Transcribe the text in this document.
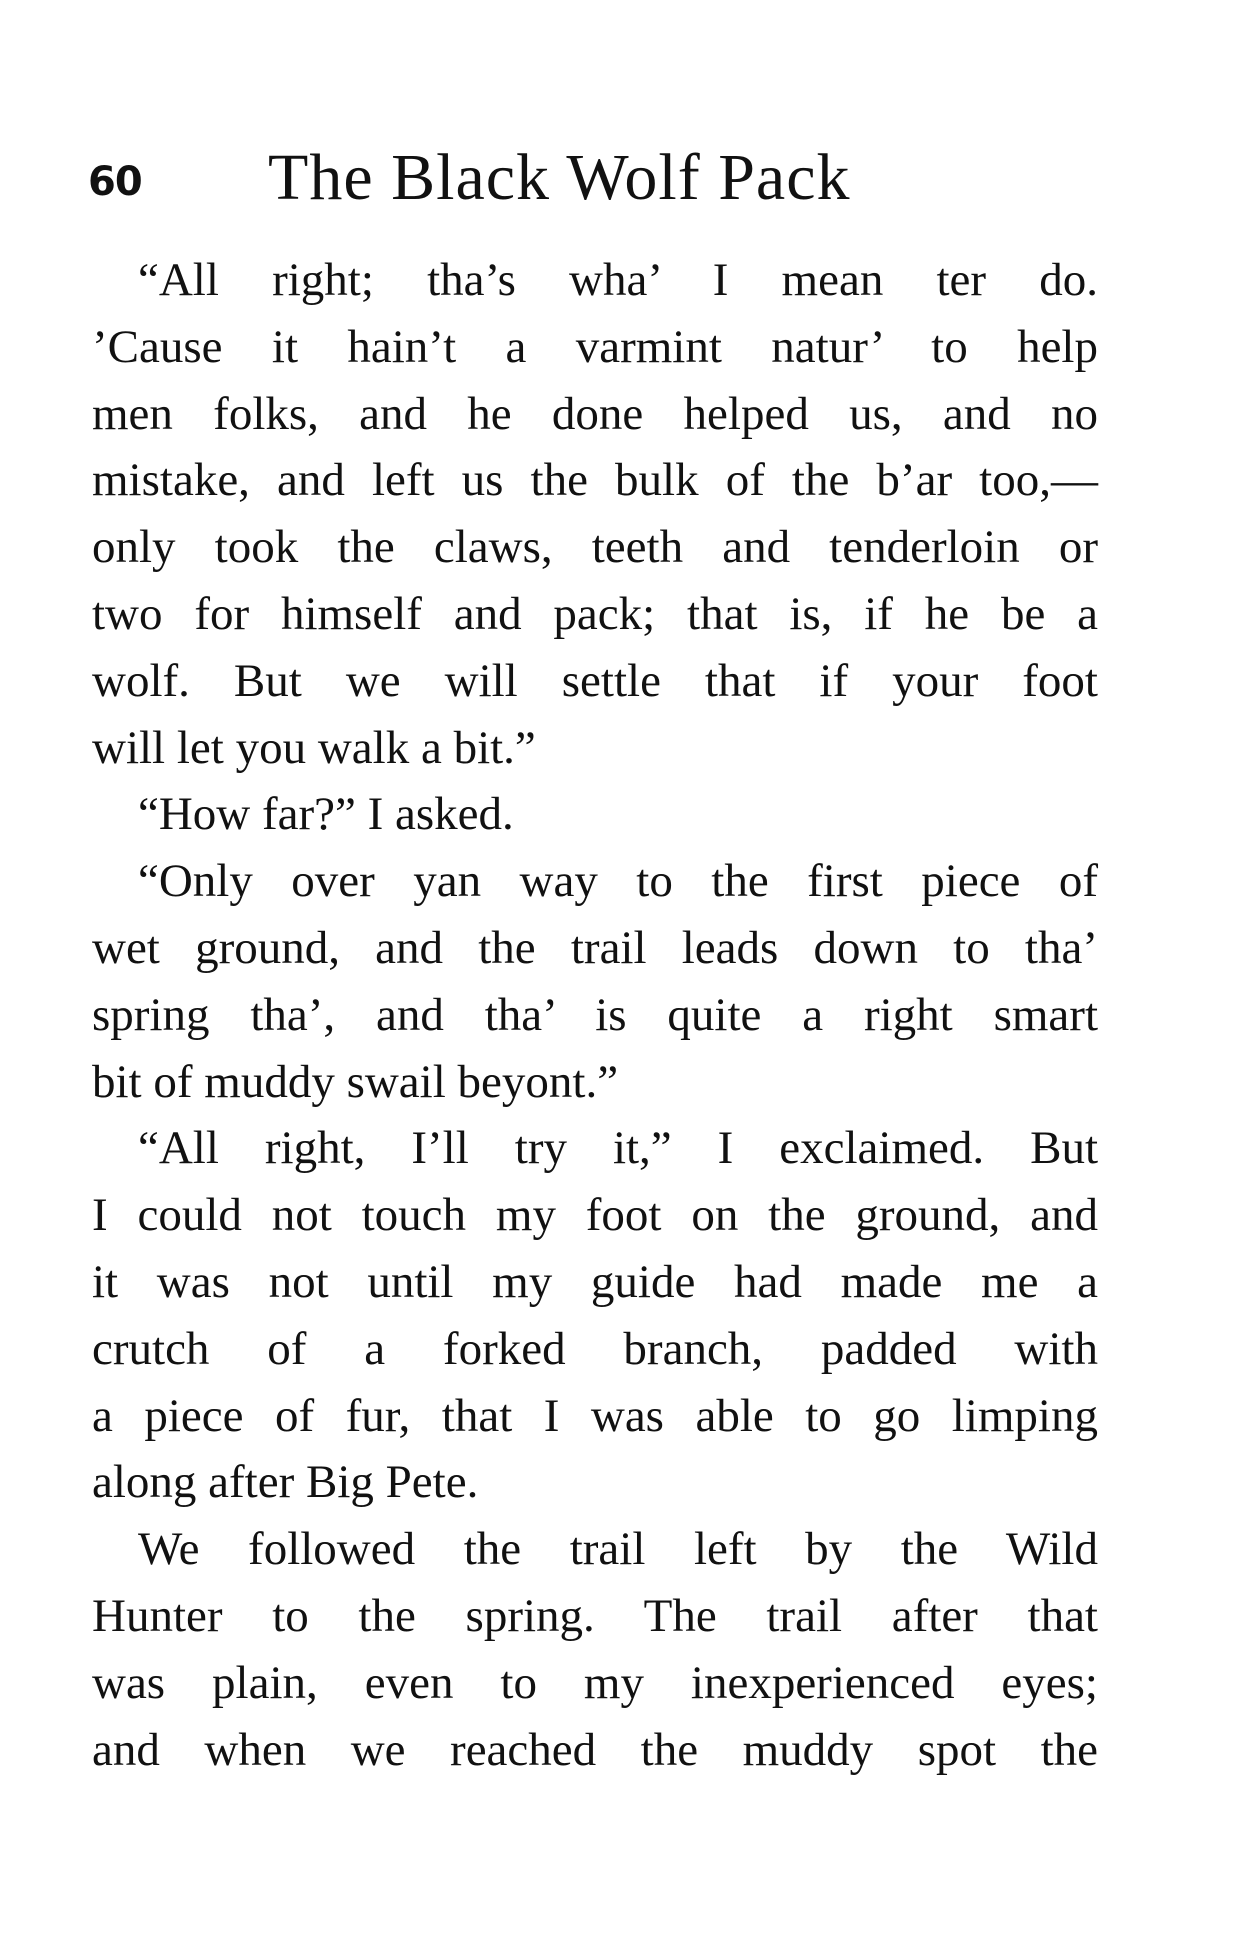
60 The Black Wolf Pack
“All right; tha’s wha’ I mean ter do.
’Cause it hain’t a varmint natur’ to help
men folks, and he done helped us, and no
mistake, and left us the bulk of the b’ar too,—
only took the claws, teeth and tenderloin or
two for himself and pack; that is, if he be a
wolf. But we will settle that if your foot
will let you walk a bit.”
“How far?” I asked.
“Only over yan way to the first piece of
wet ground, and the trail leads down to tha’
spring tha’, and tha’ is quite a right smart
bit of muddy swail beyont.”
“All right, I’ll try it,” I exclaimed. But
I could not touch my foot on the ground, and
it was not until my guide had made me a
crutch of a forked branch, padded with
a piece of fur, that I was able to go limping
along after Big Pete.
We followed the trail left by the Wild
Hunter to the spring. The trail after that
was plain, even to my inexperienced eyes;
and when we reached the muddy spot the
